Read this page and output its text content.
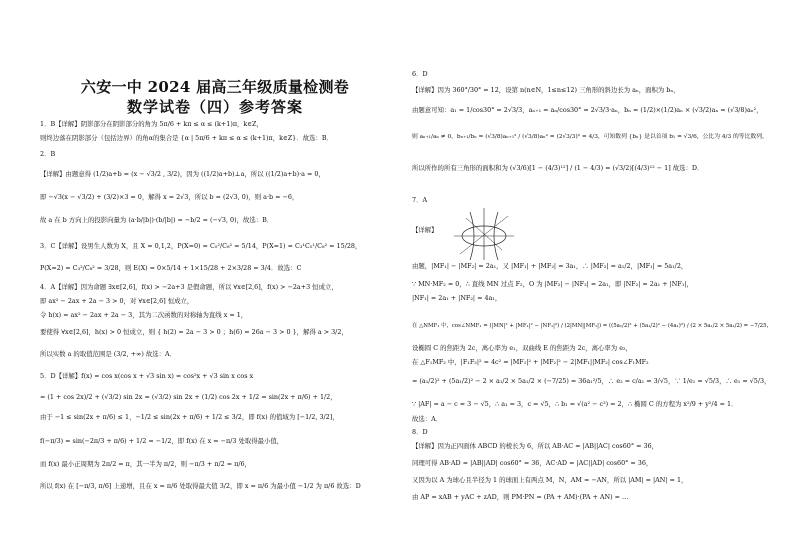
六安一中 2024 届高三年级质量检测卷
数学试卷（四）参考答案
1．B【详解】阴影部分在阴影部分的角为 5π/6 + kπ ≤ α ≤ (k+1)π，k∈Z，
则终边落在阴影部分（包括边界）的角α的集合是 {α | 5π/6 + kπ ≤ α ≤ (k+1)π，k∈Z}．故选：B．
2．B
【详解】由题意得 (1/2)a+b = (x − √3/2 , 3/2)，因为 ((1/2)a+b)⊥a，所以 ((1/2)a+b)·a = 0，
即 −√3(x − √3/2) + (3/2)×3 = 0，解得 x = 2√3，所以 b = (2√3, 0)，则 a·b = −6，
故 a 在 b 方向上的投影向量为 (a·b/|b|)·(b/|b|) = −b/2 = (−√3, 0)，故选：B．
3．C【详解】设男生人数为 X，且 X = 0,1,2，P(X=0) = C₅²/C₈² = 5/14，P(X=1) = C₃¹C₅¹/C₈² = 15/28，
P(X=2) = C₃²/C₈² = 3/28，则 E(X) = 0×5/14 + 1×15/28 + 2×3/28 = 3/4．故选：C
4．A【详解】因为命题 ∃x∈[2,6]，f(x) > −2a+3 是假命题，所以 ∀x∈[2,6]，f(x) > −2a+3 恒成立，
即 ax² − 2ax + 2a − 3 > 0，对 ∀x∈[2,6] 恒成立，
令 h(x) = ax² − 2ax + 2a − 3，其为二次函数的对称轴为直线 x = 1，
要使得 ∀x∈[2,6]，h(x) > 0 恒成立，则 { h(2) = 2a − 3 > 0 ；h(6) = 26a − 3 > 0 }，解得 a > 3/2，
所以实数 a 的取值范围是 (3/2, +∞) 故选：A．
5．D【详解】f(x) = cos x(cos x + √3 sin x) = cos²x + √3 sin x cos x
= (1 + cos 2x)/2 + (√3/2) sin 2x = (√3/2) sin 2x + (1/2) cos 2x + 1/2 = sin(2x + π/6) + 1/2，
由于 −1 ≤ sin(2x + π/6) ≤ 1，−1/2 ≤ sin(2x + π/6) + 1/2 ≤ 3/2，即 f(x) 的值域为 [−1/2, 3/2]，
f(−π/3) = sin(−2π/3 + π/6) + 1/2 = −1/2，即 f(x) 在 x = −π/3 处取得最小值，
而 f(x) 最小正周期为 2π/2 = π，其一半为 π/2，则 −π/3 + π/2 = π/6，
所以 f(x) 在 [−π/3, π/6] 上递增，且在 x = π/6 处取得最大值 3/2，即 x = π/6 为最小值 −1/2 为 π/6 故选：D
6．D
【详解】因为 360°/30° = 12，设第 n(n∈N，1≤n≤12) 三角形的斜边长为 aₙ，面积为 bₙ，
由题意可知：a₁ = 1/cos30° = 2√3/3，aₙ₊₁ = aₙ/cos30° = 2√3/3·aₙ，bₙ = (1/2)×(1/2)aₙ × (√3/2)aₙ = (√3/8)aₙ²，
则 aₙ₊₁/aₙ ≠ 0，bₙ₊₁/bₙ = (√3/8)aₙ₊₁² / (√3/8)aₙ² = (2√3/3)² = 4/3，可知数列 {bₙ} 是以首项 b₁ = √3/6，公比为 4/3 的等比数列，
所以所作的所有三角形的面积和为 (√3/6)[1 − (4/3)¹²] / (1 − 4/3) = (√3/2)[(4/3)¹² − 1] 故选：D．
7．A
【详解】
由题，|MF₁| − |MF₂| = 2a₁，又 |MF₁| + |MF₂| = 3a₁，∴ |MF₂| = a₁/2，|MF₁| = 5a₁/2，
∵ MN·MF₂ = 0，∴ 直线 MN 过点 F₂，O 为 |MF₂| − |NF₂| = 2a₁，即 |NF₂| = 2a₁ + |NF₁|，
|NF₁| = 2a₁ + |NF₂| = 4a₁，
在 △NMF₁ 中，cos∠NMF₁ = (|MN|² + |MF₁|² − |NF₁|²) / (2|MN||MF₁|) = ((5a₁/2)² + (5a₁/2)² − (4a₁)²) / (2 × 5a₁/2 × 5a₁/2) = −7/25，
设椭圆 C 的焦距为 2c，离心率为 e₁，双曲线 E 的焦距为 2c，离心率为 e₂，
在 △F₁MF₂ 中，|F₁F₂|² = 4c² = |MF₁|² + |MF₂|² − 2|MF₁||MF₂| cos∠F₁MF₂
= (a₁/2)² + (5a₁/2)² − 2 × a₁/2 × 5a₁/2 × (−7/25) = 36a₁²/5，∴ e₂ = c/a₁ = 3/√5，∵ 1/e₁ = √5/3，∴ e₁ = √5/3，
∵ |AF| = a − c = 3 − √5，∴ a₁ = 3，c = √5，∴ b₁ = √(a² − c²) = 2，∴ 椭圆 C 的方程为 x²/9 + y²/4 = 1．
故选：A．
8．D
【详解】因为正四面体 ABCD 的棱长为 6，所以 AB·AC = |AB||AC| cos60° = 36，
同理可得 AB·AD = |AB||AD| cos60° = 36，AC·AD = |AC||AD| cos60° = 36，
又因为以 A 为球心且半径为 1 的球面上有两点 M，N，AM = −AN，所以 |AM| = |AN| = 1，
由 AP = xAB + yAC + zAD，则 PM·PN = (PA + AM)·(PA + AN) = …
